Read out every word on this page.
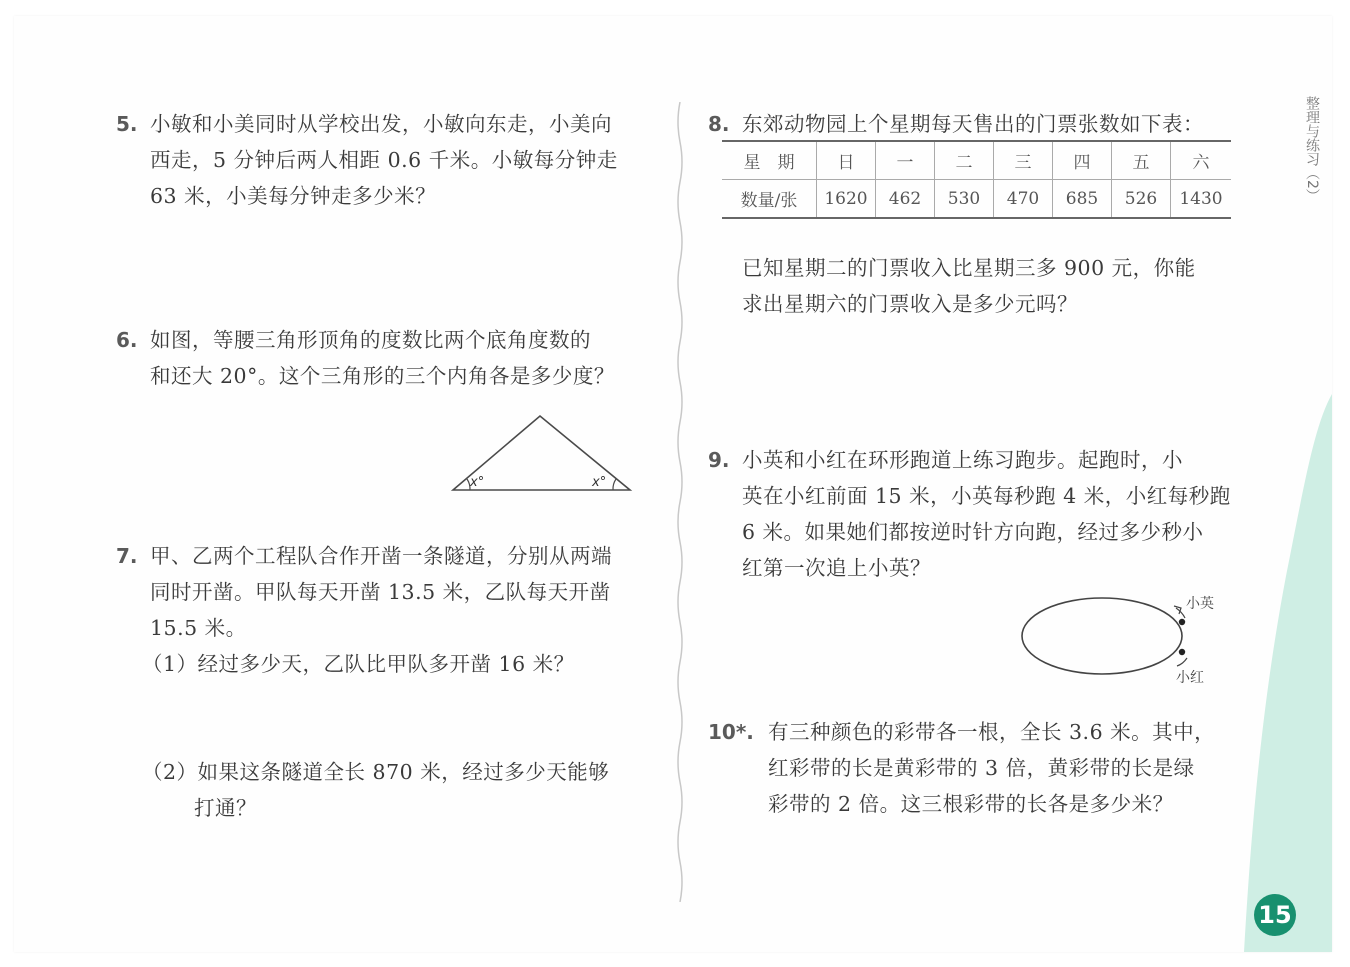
整理与练习（2）
5. 小敏和小美同时从学校出发，小敏向东走，小美向
西走，5 分钟后两人相距 0.6 千米。小敏每分钟走
63 米，小美每分钟走多少米？
6. 如图，等腰三角形顶角的度数比两个底角度数的
和还大 20°。这个三角形的三个内角各是多少度？
x°	x°
7. 甲、乙两个工程队合作开凿一条隧道，分别从两端
同时开凿。甲队每天开凿 13.5 米，乙队每天开凿
15.5 米。
（1）经过多少天，乙队比甲队多开凿 16 米？
（2）如果这条隧道全长 870 米，经过多少天能够
打通？
8. 东郊动物园上个星期每天售出的门票张数如下表：
星　期	日	一	二	三	四	五	六
数量/张	1620	462	530	470	685	526	1430
已知星期二的门票收入比星期三多 900 元，你能
求出星期六的门票收入是多少元吗？
9. 小英和小红在环形跑道上练习跑步。起跑时，小
英在小红前面 15 米，小英每秒跑 4 米，小红每秒跑
6 米。如果她们都按逆时针方向跑，经过多少秒小
红第一次追上小英？
小英
小红
10*. 有三种颜色的彩带各一根，全长 3.6 米。其中，
红彩带的长是黄彩带的 3 倍，黄彩带的长是绿
彩带的 2 倍。这三根彩带的长各是多少米？
15
